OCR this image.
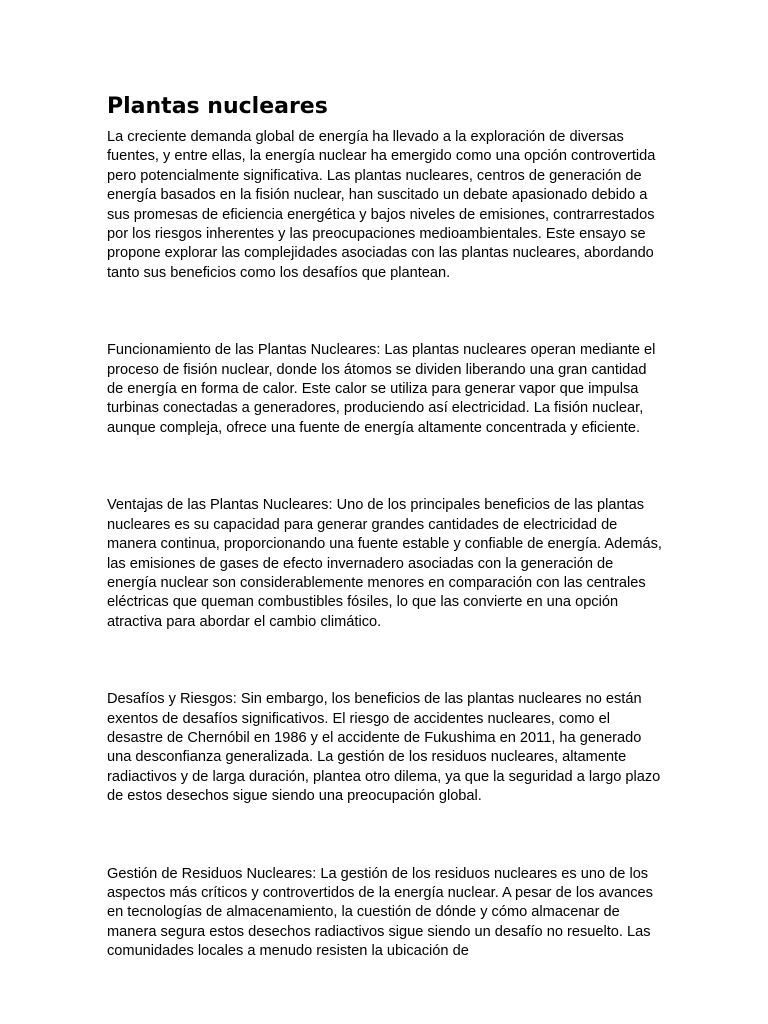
Plantas nucleares

La creciente demanda global de energía ha llevado a la exploración de diversas fuentes, y entre ellas, la energía nuclear ha emergido como una opción controvertida pero potencialmente significativa. Las plantas nucleares, centros de generación de energía basados en la fisión nuclear, han suscitado un debate apasionado debido a sus promesas de eficiencia energética y bajos niveles de emisiones, contrarrestados por los riesgos inherentes y las preocupaciones medioambientales. Este ensayo se propone explorar las complejidades asociadas con las plantas nucleares, abordando tanto sus beneficios como los desafíos que plantean.

Funcionamiento de las Plantas Nucleares: Las plantas nucleares operan mediante el proceso de fisión nuclear, donde los átomos se dividen liberando una gran cantidad de energía en forma de calor. Este calor se utiliza para generar vapor que impulsa turbinas conectadas a generadores, produciendo así electricidad. La fisión nuclear, aunque compleja, ofrece una fuente de energía altamente concentrada y eficiente.

Ventajas de las Plantas Nucleares: Uno de los principales beneficios de las plantas nucleares es su capacidad para generar grandes cantidades de electricidad de manera continua, proporcionando una fuente estable y confiable de energía. Además, las emisiones de gases de efecto invernadero asociadas con la generación de energía nuclear son considerablemente menores en comparación con las centrales eléctricas que queman combustibles fósiles, lo que las convierte en una opción atractiva para abordar el cambio climático.

Desafíos y Riesgos: Sin embargo, los beneficios de las plantas nucleares no están exentos de desafíos significativos. El riesgo de accidentes nucleares, como el desastre de Chernóbil en 1986 y el accidente de Fukushima en 2011, ha generado una desconfianza generalizada. La gestión de los residuos nucleares, altamente radiactivos y de larga duración, plantea otro dilema, ya que la seguridad a largo plazo de estos desechos sigue siendo una preocupación global.

Gestión de Residuos Nucleares: La gestión de los residuos nucleares es uno de los aspectos más críticos y controvertidos de la energía nuclear. A pesar de los avances en tecnologías de almacenamiento, la cuestión de dónde y cómo almacenar de manera segura estos desechos radiactivos sigue siendo un desafío no resuelto. Las comunidades locales a menudo resisten la ubicación de
